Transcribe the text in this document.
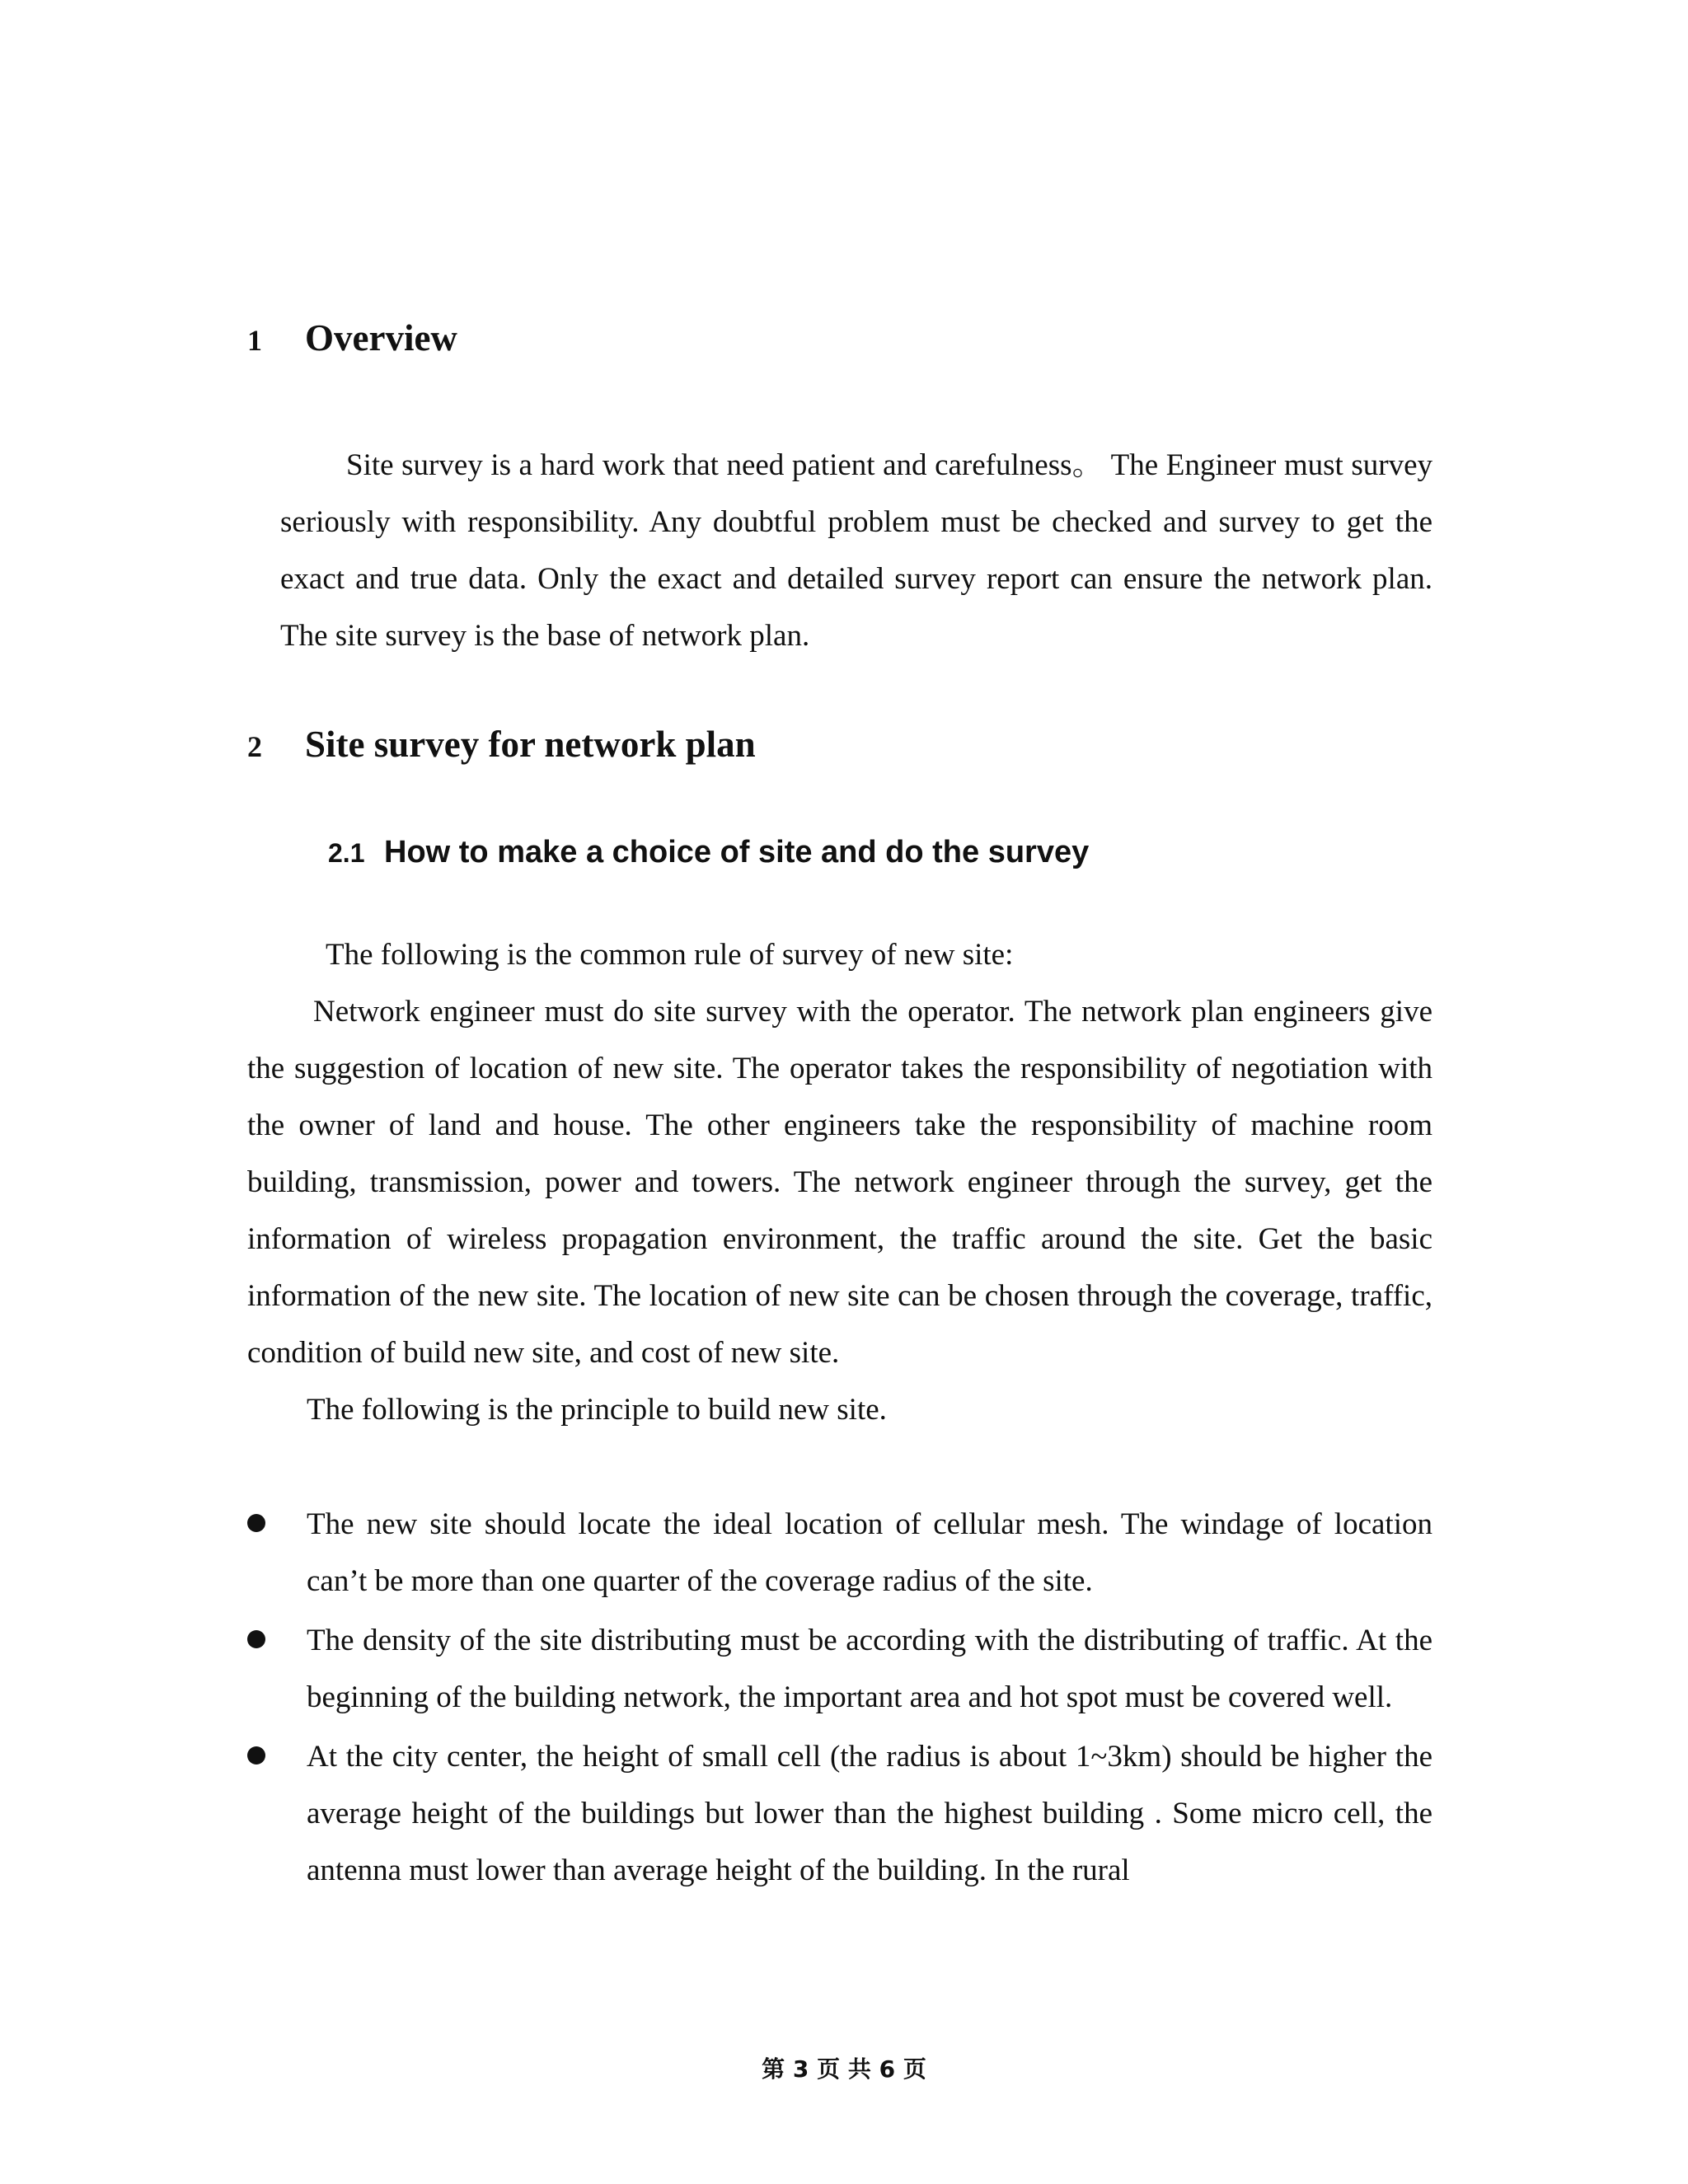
1 Overview

Site survey is a hard work that need patient and carefulness。 The Engineer must survey seriously with responsibility. Any doubtful problem must be checked and survey to get the exact and true data. Only the exact and detailed survey report can ensure the network plan. The site survey is the base of network plan.

2 Site survey for network plan
2.1 How to make a choice of site and do the survey

The following is the common rule of survey of new site:

Network engineer must do site survey with the operator. The network plan engineers give the suggestion of location of new site. The operator takes the responsibility of negotiation with the owner of land and house. The other engineers take the responsibility of machine room building, transmission, power and towers. The network engineer through the survey, get the information of wireless propagation environment, the traffic around the site. Get the basic information of the new site. The location of new site can be chosen through the coverage, traffic, condition of build new site, and cost of new site.

The following is the principle to build new site.

The new site should locate the ideal location of cellular mesh. The windage of location can’t be more than one quarter of the coverage radius of the site.
The density of the site distributing must be according with the distributing of traffic. At the beginning of the building network, the important area and hot spot must be covered well.
At the city center, the height of small cell (the radius is about 1~3km) should be higher the average height of the buildings but lower than the highest building . Some micro cell, the antenna must lower than average height of the building. In the rural
第 3 页 共 6 页
